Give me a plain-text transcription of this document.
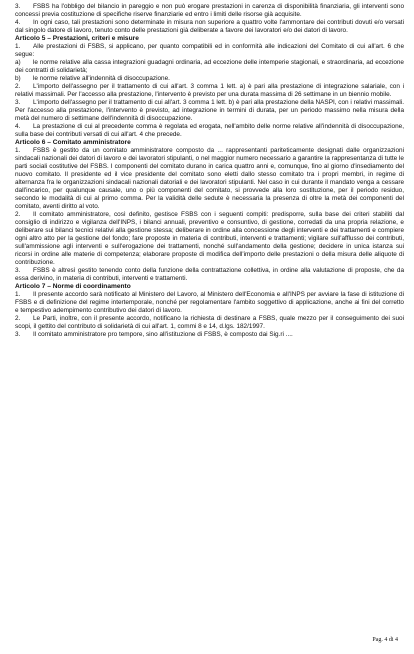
3. FSBS ha l'obbligo del bilancio in pareggio e non può erogare prestazioni in carenza di disponibilità finanziaria, gli interventi sono concessi previa costituzione di specifiche riserve finanziarie ed entro i limiti delle risorse già acquisite.

4. In ogni caso, tali prestazioni sono determinate in misura non superiore a quattro volte l'ammontare dei contributi dovuti e/o versati dal singolo datore di lavoro, tenuto conto delle prestazioni già deliberate a favore dei lavoratori e/o dei datori di lavoro.

Articolo 5 – Prestazioni, criteri e misure

1. Alle prestazioni di FSBS, si applicano, per quanto compatibili ed in conformità alle indicazioni del Comitato di cui all'art. 6 che segue:

a) le norme relative alla cassa integrazioni guadagni ordinaria, ad eccezione delle intemperie stagionali, e straordinaria, ad eccezione dei contratti di solidarietà;

b) le norme relative all'indennità di disoccupazione.

2. L'importo dell'assegno per il trattamento di cui all'art. 3 comma 1 lett. a) è pari alla prestazione di integrazione salariale, con i relativi massimali. Per l'accesso alla prestazione, l'intervento è previsto per una durata massima di 26 settimane in un biennio mobile.

3. L'importo dell'assegno per il trattamento di cui all'art. 3 comma 1 lett. b) è pari alla prestazione della NASPI, con i relativi massimali. Per l'accesso alla prestazione, l'intervento è previsto, ad integrazione in termini di durata, per un periodo massimo nella misura della metà del numero di settimane dell'indennità di disoccupazione.

4. La prestazione di cui al precedente comma è regolata ed erogata, nell'ambito delle norme relative all'indennità di disoccupazione, sulla base dei contributi versati di cui all'art. 4 che precede.

Articolo 6 – Comitato amministratore

1. FSBS è gestito da un comitato amministratore composto da ... rappresentanti pariteticamente designati dalle organizzazioni sindacali nazionali dei datori di lavoro e dei lavoratori stipulanti, o nel maggior numero necessario a garantire la rappresentanza di tutte le parti sociali costitutive del FSBS. I componenti del comitato durano in carica quattro anni e, comunque, fino al giorno d'insediamento del nuovo comitato. Il presidente ed il vice presidente del comitato sono eletti dallo stesso comitato tra i propri membri, in regime di alternanza fra le organizzazioni sindacali nazionali datoriali e dei lavoratori stipulanti. Nel caso in cui durante il mandato venga a cessare dall'incarico, per qualunque causale, uno o più componenti del comitato, si provvede alla loro sostituzione, per il periodo residuo, secondo le modalità di cui al primo comma. Per la validità delle sedute è necessaria la presenza di oltre la metà dei componenti del comitato, aventi diritto al voto.

2. Il comitato amministratore, così definito, gestisce FSBS con i seguenti compiti: predisporre, sulla base dei criteri stabiliti dal consiglio di indirizzo e vigilanza dell'INPS, i bilanci annuali, preventivo e consuntivo, di gestione, corredati da una propria relazione, e deliberare sui bilanci tecnici relativi alla gestione stessa; deliberare in ordine alla concessione degli interventi e dei trattamenti e compiere ogni altro atto per la gestione del fondo; fare proposte in materia di contributi, interventi e trattamenti; vigilare sull'afflusso dei contributi, sull'ammissione agli interventi e sull'erogazione dei trattamenti, nonché sull'andamento della gestione; decidere in unica istanza sui ricorsi in ordine alle materie di competenza; elaborare proposte di modifica dell'importo delle prestazioni o della misura delle aliquote di contribuzione.

3. FSBS è altresì gestito tenendo conto della funzione della contrattazione collettiva, in ordine alla valutazione di proposte, che da essa derivino, in materia di contributi, interventi e trattamenti.

Articolo 7 – Norme di coordinamento

1. Il presente accordo sarà notificato al Ministero del Lavoro, al Ministero dell'Economia e all'INPS per avviare la fase di istituzione di FSBS e di definizione del regime intertemporale, nonché per regolamentare l'ambito soggettivo di applicazione, anche ai fini del corretto e tempestivo adempimento contributivo dei datori di lavoro.

2. Le Parti, inoltre, con il presente accordo, notificano la richiesta di destinare a FSBS, quale mezzo per il conseguimento dei suoi scopi, il gettito del contributo di solidarietà di cui all'art. 1, commi 8 e 14, d.lgs. 182/1997.

3. Il comitato amministratore pro tempore, sino all'istituzione di FSBS, è composto dai Sig.ri ....

Pag. 4 di 4
